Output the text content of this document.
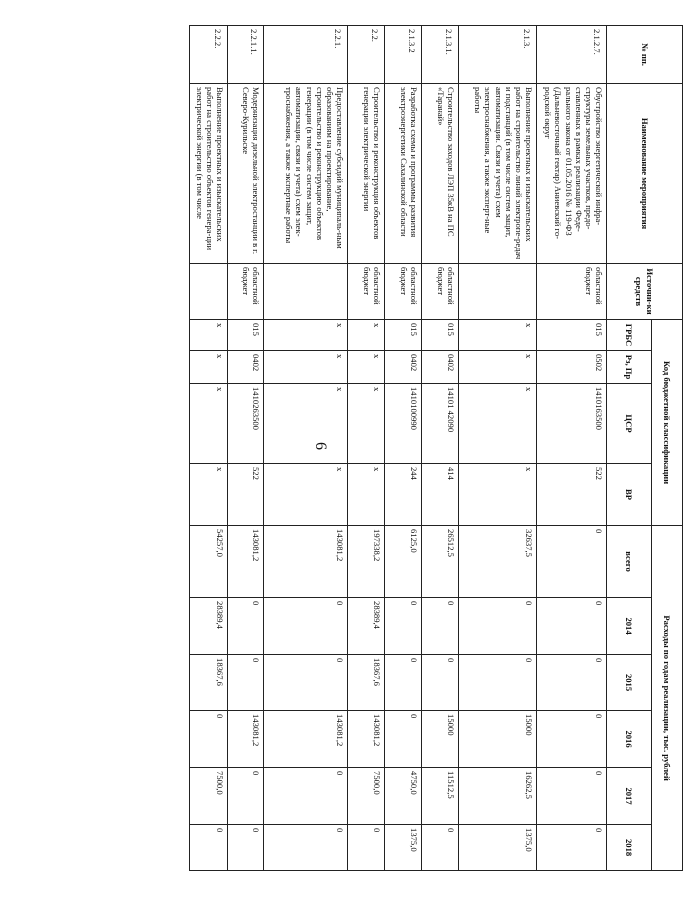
6
№ пп.	Наименование мероприятия	Источни-ки средств	Код бюджетной классификации				Расходы по годам реализации, тыс. рублей					
			ГРБС	Рз, Пр	ЦСР	ВР	всего	2014	2015	2016	2017	2018
2.1.2.7.	Обустройство энергетической инфра-структуры земельных участков, предо-ставленных в рамках реализации Феде-рального закона от 01.05.2016 № 119-ФЗ (Дальневосточный гектар) Аниевский го-родской округ	областной бюджет	015	0502	1410163500	522	0	0	0	0	0	0
2.1.3.	Выполнение проектных и изыскательских работ на строительство линий электропе-редач и подстанций (в том числе систем защит, автоматизации. Связи и учета) схем электроснабжения, а также эксперт-ные работы		x	x	x	x	32637,5	0	0	15000	16262,5	1375,0
2.1.3.1.	Строительство заходов ЛЭП 35кВ на ПС «Таранай»	областной бюджет	015	0402	14101 42090	414	26512,5	0	0	15000	11512,5	0
2.1.3.2	Разработка схемы и программы развития электроэнергетики Сахалинской области	областной бюджет	015	0402	1410100990	244	6125,0	0	0	0	4750,0	1375,0
2.2.	Строительство и реконструкция объектов генерации электрической энергии	областной бюджет	x	x	x	x	197338,2	28389,4	18367,6	143081,2	7500,0	0
2.2.1.	Предоставление субсидий муниципаль-ным образованиям на проектирование, строительство и реконструкцию объектов генерации (в том числе систем защит, автоматизации, связи и учета) схем элек-троснабжения, а также экспертные работы		x	x	x	x	143081,2	0	0	143081,2	0	0
2.2.1.1.	Модернизация дизельной электростанции в г. Северо-Курильске	областной бюджет	015	0402	1410263500	522	143081,2	0	0	143081,2	0	0
2.2.2.	Выполнение проектных и изыскательских работ на строительство объектов генера-ции электрической энергии (в том числе		x	x	x	x	54257,0	28389,4	18367,6	0	7500,0	0
